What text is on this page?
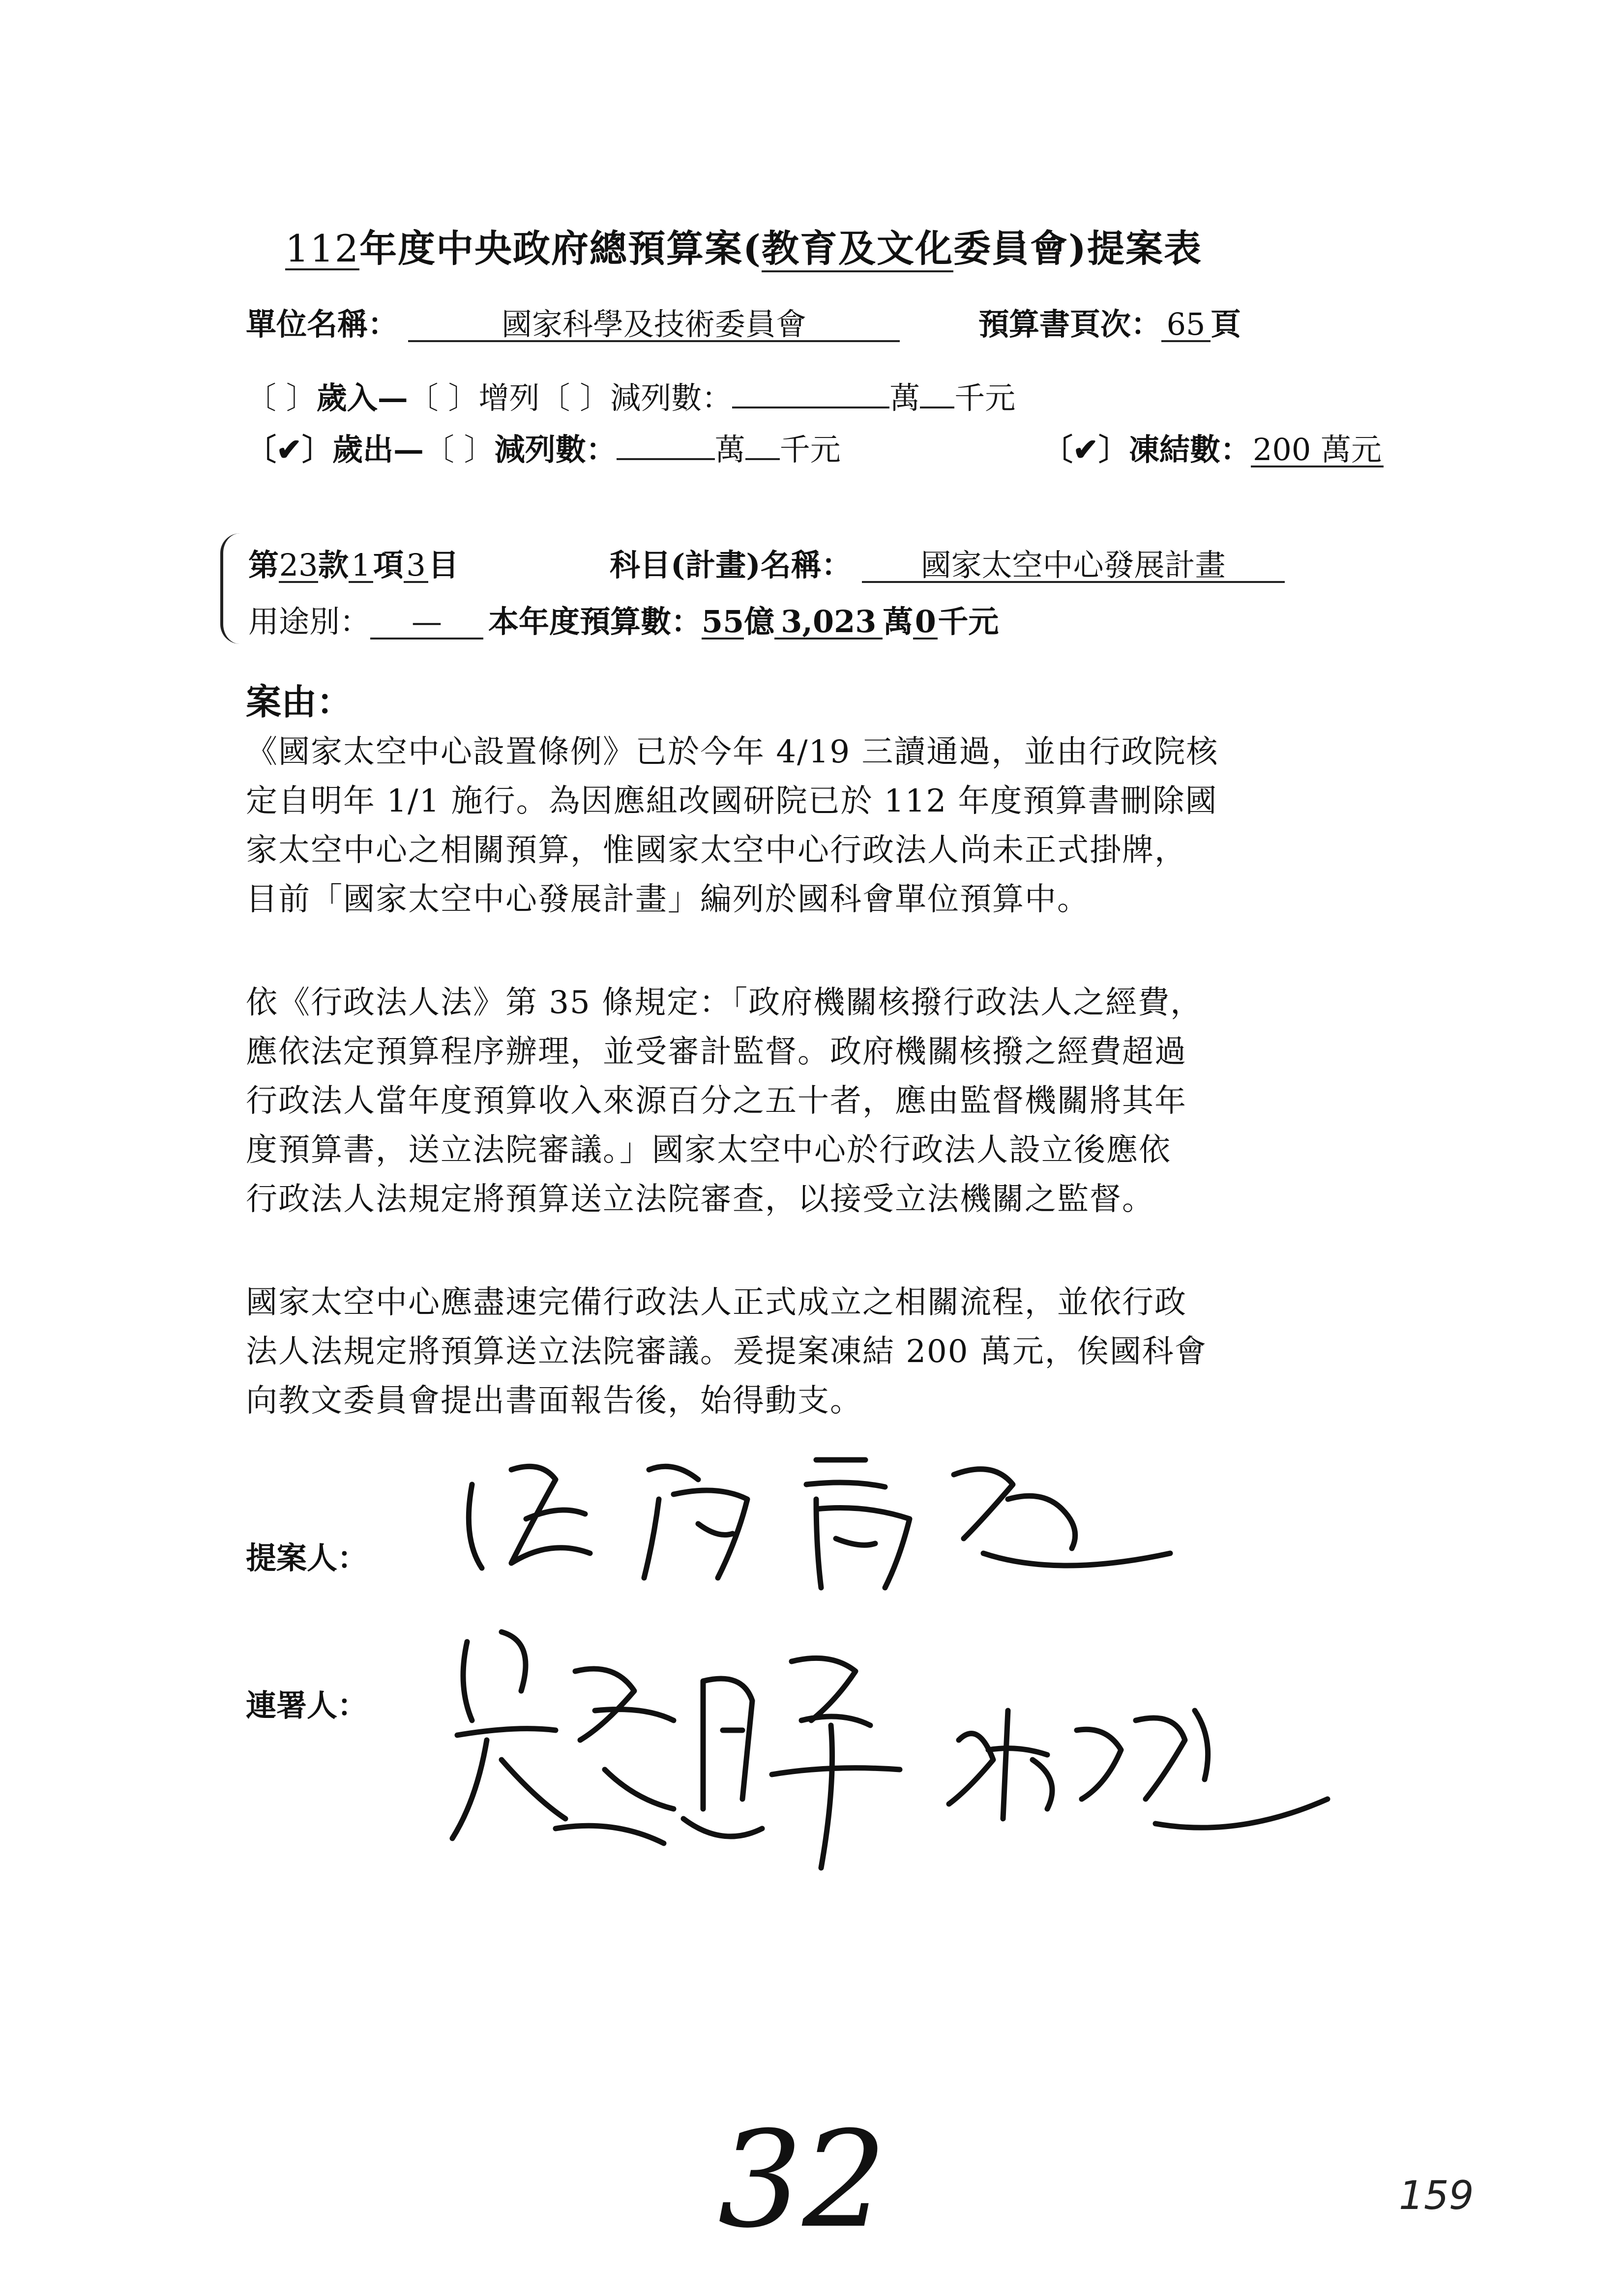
112年度中央政府總預算案(教育及文化委員會)提案表
單位名稱：	國家科學及技術委員會	預算書頁次： 65 頁
〔 〕歲入—〔 〕增列〔 〕減列數：	萬 千元
〔✔〕歲出—〔 〕減列數：	萬 千元	〔✔〕凍結數：200 萬元
第23款1項3目	科目(計畫)名稱： 國家太空中心發展計畫
用途別： — 本年度預算數：55億 3,023 萬0千元
案由：
《國家太空中心設置條例》已於今年 4/19 三讀通過，並由行政院核
定自明年 1/1 施行。為因應組改國研院已於 112 年度預算書刪除國
家太空中心之相關預算，惟國家太空中心行政法人尚未正式掛牌，
目前「國家太空中心發展計畫」編列於國科會單位預算中。
依《行政法人法》第 35 條規定：「政府機關核撥行政法人之經費，
應依法定預算程序辦理，並受審計監督。政府機關核撥之經費超過
行政法人當年度預算收入來源百分之五十者，應由監督機關將其年
度預算書，送立法院審議。」國家太空中心於行政法人設立後應依
行政法人法規定將預算送立法院審查，以接受立法機關之監督。
國家太空中心應盡速完備行政法人正式成立之相關流程，並依行政
法人法規定將預算送立法院審議。爰提案凍結 200 萬元，俟國科會
向教文委員會提出書面報告後，始得動支。
提案人：
連署人：
32	159
